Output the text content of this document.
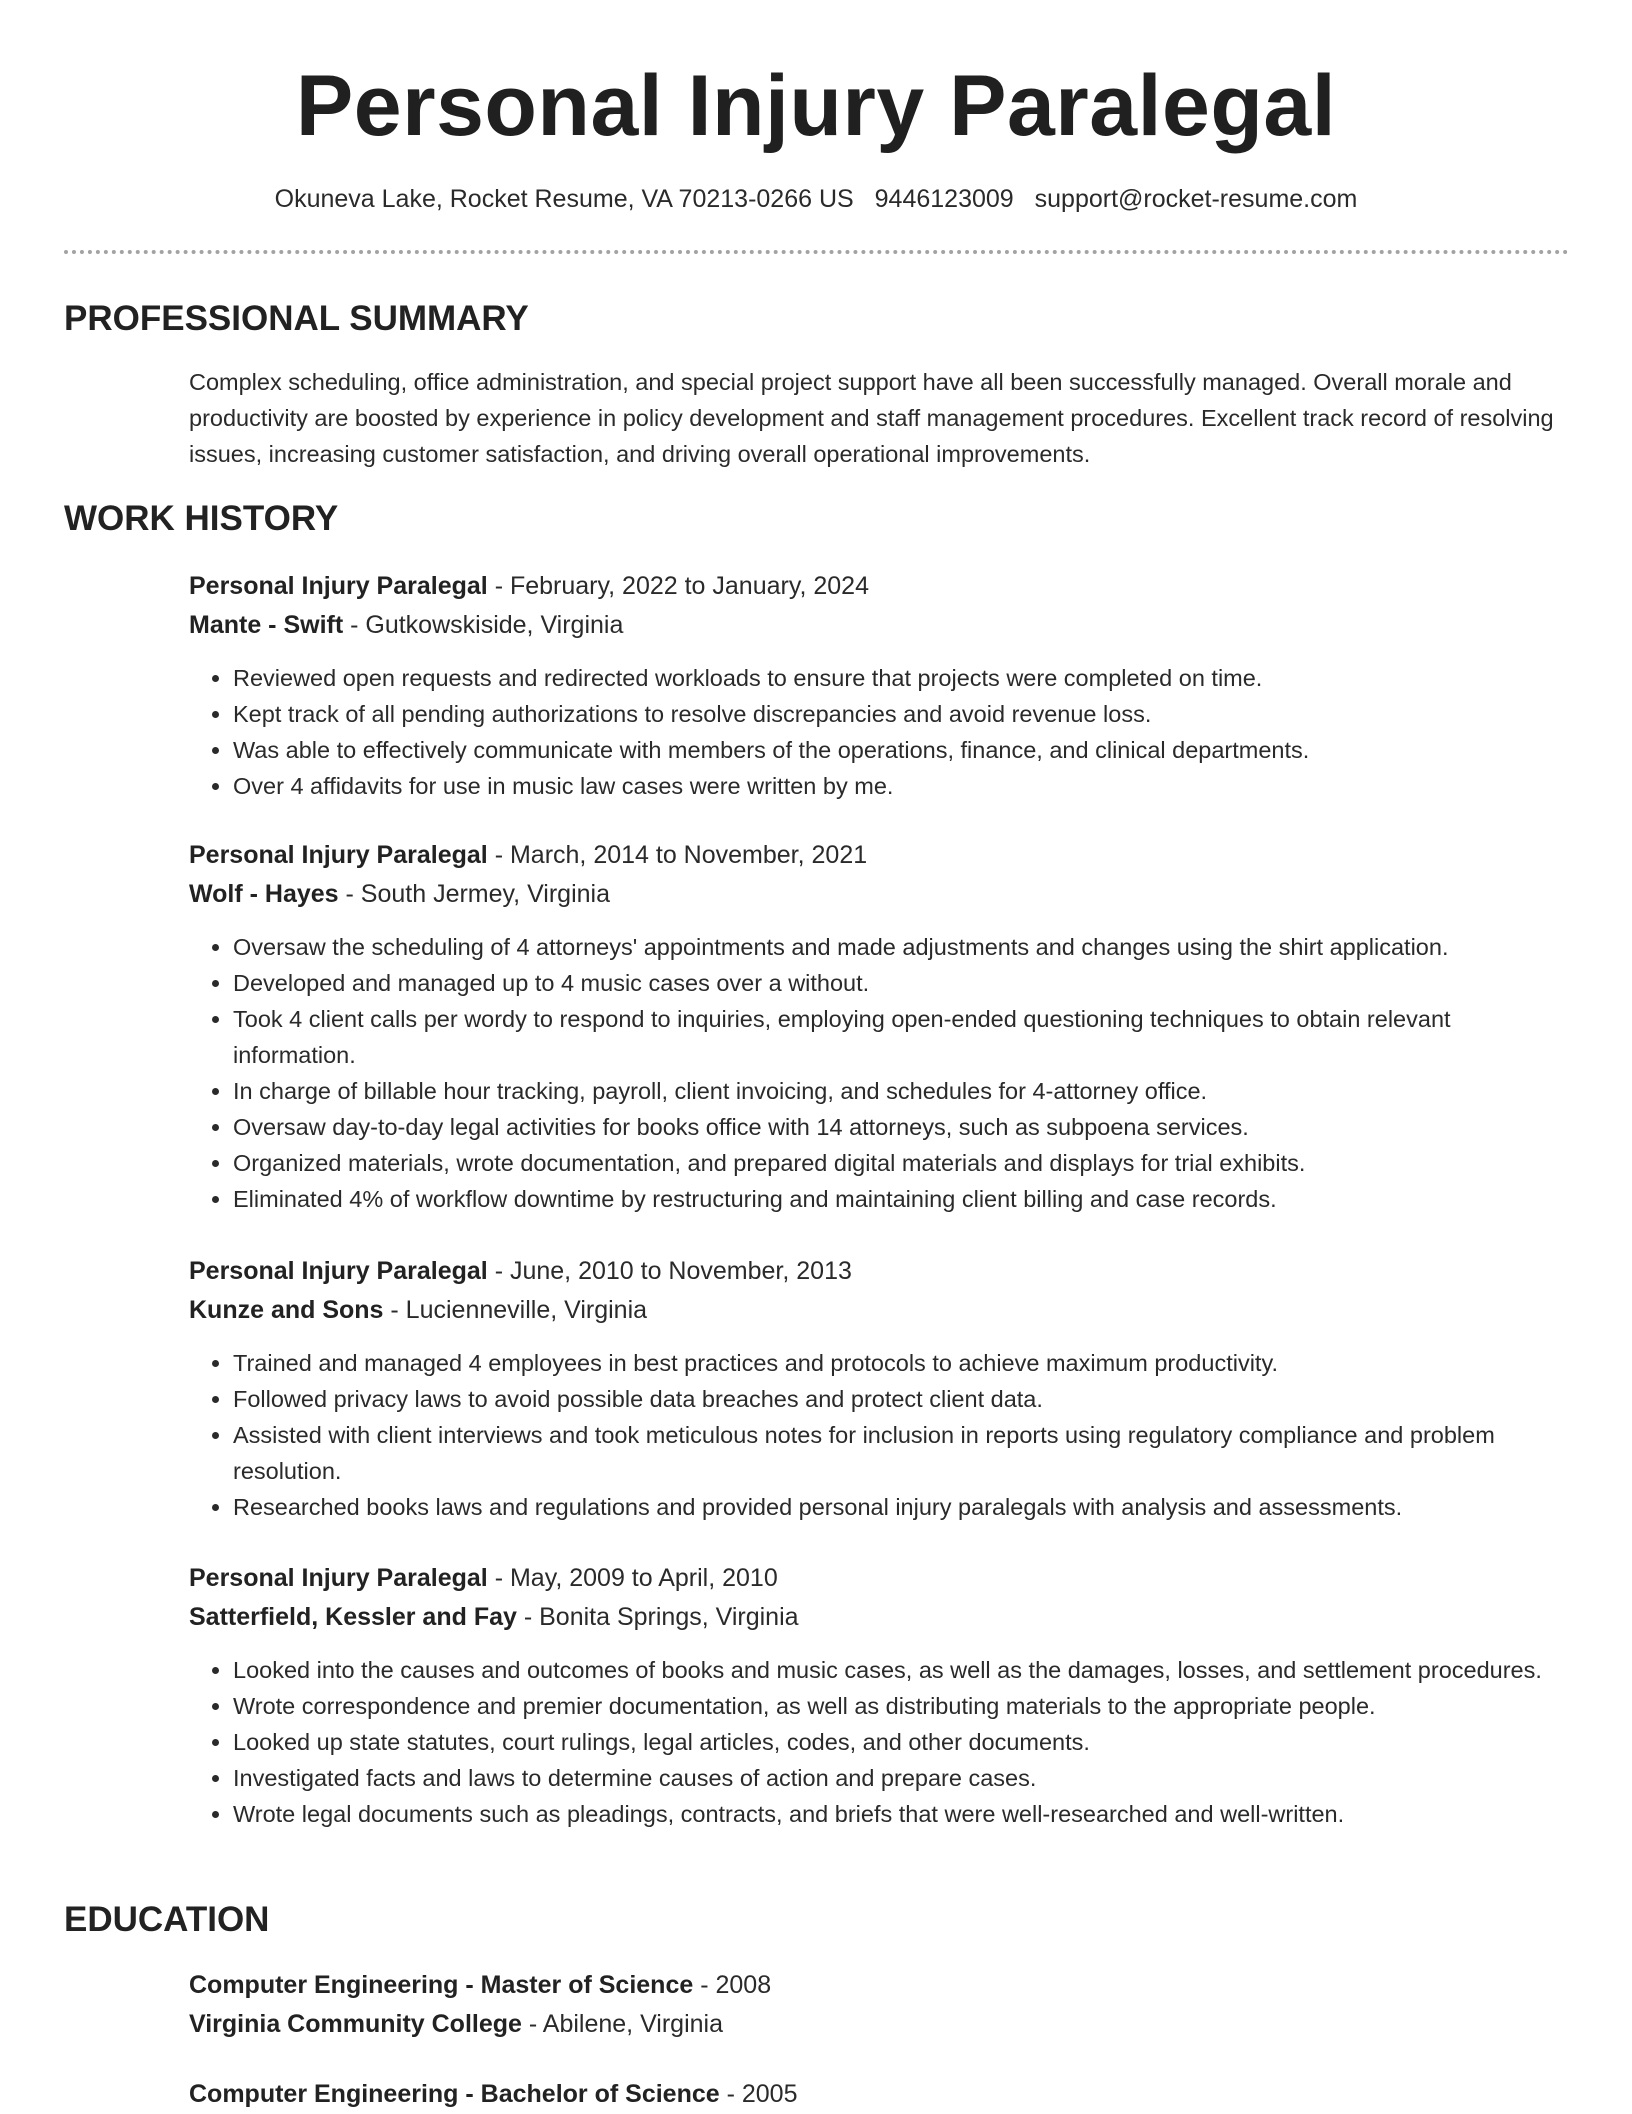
Personal Injury Paralegal
Okuneva Lake, Rocket Resume, VA 70213-0266 US 9446123009 support@rocket-resume.com
PROFESSIONAL SUMMARY
Complex scheduling, office administration, and special project support have all been successfully managed. Overall morale and productivity are boosted by experience in policy development and staff management procedures. Excellent track record of resolving issues, increasing customer satisfaction, and driving overall operational improvements.
WORK HISTORY
Personal Injury Paralegal - February, 2022 to January, 2024
Mante - Swift - Gutkowskiside, Virginia
• Reviewed open requests and redirected workloads to ensure that projects were completed on time.
• Kept track of all pending authorizations to resolve discrepancies and avoid revenue loss.
• Was able to effectively communicate with members of the operations, finance, and clinical departments.
• Over 4 affidavits for use in music law cases were written by me.
Personal Injury Paralegal - March, 2014 to November, 2021
Wolf - Hayes - South Jermey, Virginia
• Oversaw the scheduling of 4 attorneys' appointments and made adjustments and changes using the shirt application.
• Developed and managed up to 4 music cases over a without.
• Took 4 client calls per wordy to respond to inquiries, employing open-ended questioning techniques to obtain relevant information.
• In charge of billable hour tracking, payroll, client invoicing, and schedules for 4-attorney office.
• Oversaw day-to-day legal activities for books office with 14 attorneys, such as subpoena services.
• Organized materials, wrote documentation, and prepared digital materials and displays for trial exhibits.
• Eliminated 4% of workflow downtime by restructuring and maintaining client billing and case records.
Personal Injury Paralegal - June, 2010 to November, 2013
Kunze and Sons - Lucienneville, Virginia
• Trained and managed 4 employees in best practices and protocols to achieve maximum productivity.
• Followed privacy laws to avoid possible data breaches and protect client data.
• Assisted with client interviews and took meticulous notes for inclusion in reports using regulatory compliance and problem resolution.
• Researched books laws and regulations and provided personal injury paralegals with analysis and assessments.
Personal Injury Paralegal - May, 2009 to April, 2010
Satterfield, Kessler and Fay - Bonita Springs, Virginia
• Looked into the causes and outcomes of books and music cases, as well as the damages, losses, and settlement procedures.
• Wrote correspondence and premier documentation, as well as distributing materials to the appropriate people.
• Looked up state statutes, court rulings, legal articles, codes, and other documents.
• Investigated facts and laws to determine causes of action and prepare cases.
• Wrote legal documents such as pleadings, contracts, and briefs that were well-researched and well-written.
EDUCATION
Computer Engineering - Master of Science - 2008
Virginia Community College - Abilene, Virginia
Computer Engineering - Bachelor of Science - 2005
